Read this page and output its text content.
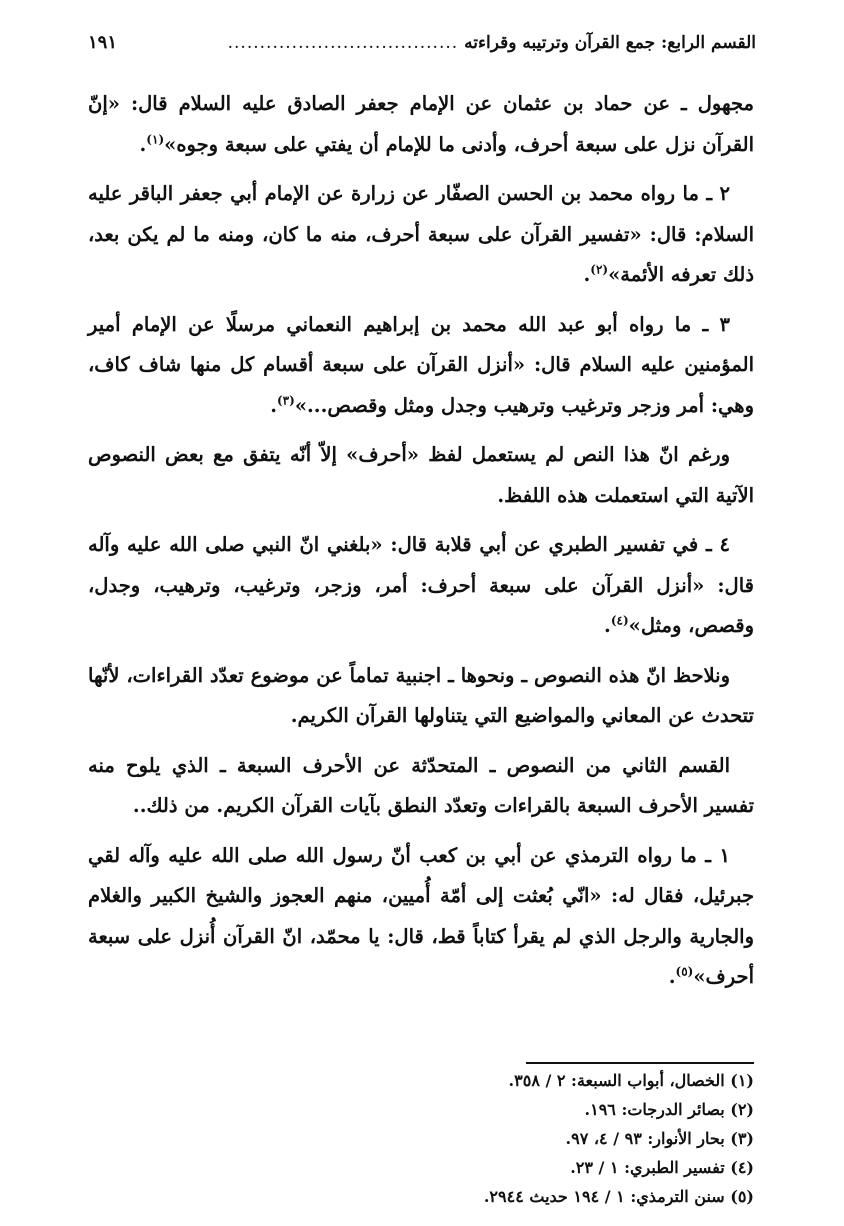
القسم الرابع: جمع القرآن وترتيبه وقراءته
....................................
١٩١

مجهول ـ عن حماد بن عثمان عن الإمام جعفر الصادق عليه السلام قال: «إنّ القرآن نزل على سبعة أحرف، وأدنى ما للإمام أن يفتي على سبعة وجوه»$^{(١)}$.

٢ ـ ما رواه محمد بن الحسن الصفّار عن زرارة عن الإمام أبي جعفر الباقر عليه السلام: قال: «تفسير القرآن على سبعة أحرف، منه ما كان، ومنه ما لم يكن بعد، ذلك تعرفه الأئمة»$^{(٢)}$.

٣ ـ ما رواه أبو عبد الله محمد بن إبراهيم النعماني مرسلًا عن الإمام أمير المؤمنين عليه السلام قال: «أنزل القرآن على سبعة أقسام كل منها شاف كاف، وهي: أمر وزجر وترغيب وترهيب وجدل ومثل وقصص...»$^{(٣)}$.

ورغم انّ هذا النص لم يستعمل لفظ «أحرف» إلاّ أنّه يتفق مع بعض النصوص الآتية التي استعملت هذه اللفظ.

٤ ـ في تفسير الطبري عن أبي قلابة قال: «بلغني انّ النبي صلى الله عليه وآله قال: «أنزل القرآن على سبعة أحرف: أمر، وزجر، وترغيب، وترهيب، وجدل، وقصص، ومثل»$^{(٤)}$.

ونلاحظ انّ هذه النصوص ـ ونحوها ـ اجنبية تماماً عن موضوع تعدّد القراءات، لأنّها تتحدث عن المعاني والمواضيع التي يتناولها القرآن الكريم.

القسم الثاني من النصوص ـ المتحدّثة عن الأحرف السبعة ـ الذي يلوح منه تفسير الأحرف السبعة بالقراءات وتعدّد النطق بآيات القرآن الكريم. من ذلك..

١ ـ ما رواه الترمذي عن أبي بن كعب أنّ رسول الله صلى الله عليه وآله لقي جبرئيل، فقال له: «انّي بُعثت إلى أمّة أُميين، منهم العجوز والشيخ الكبير والغلام والجارية والرجل الذي لم يقرأ كتاباً قط، قال: يا محمّد، انّ القرآن أُنزل على سبعة أحرف»$^{(٥)}$.

(١) الخصال، أبواب السبعة: ٢ / ٣٥٨.
(٢) بصائر الدرجات: ١٩٦.
(٣) بحار الأنوار: ٩٣ / ٤، ٩٧.
(٤) تفسير الطبري: ١ / ٢٣.
(٥) سنن الترمذي: ١ / ١٩٤ حديث ٢٩٤٤.
